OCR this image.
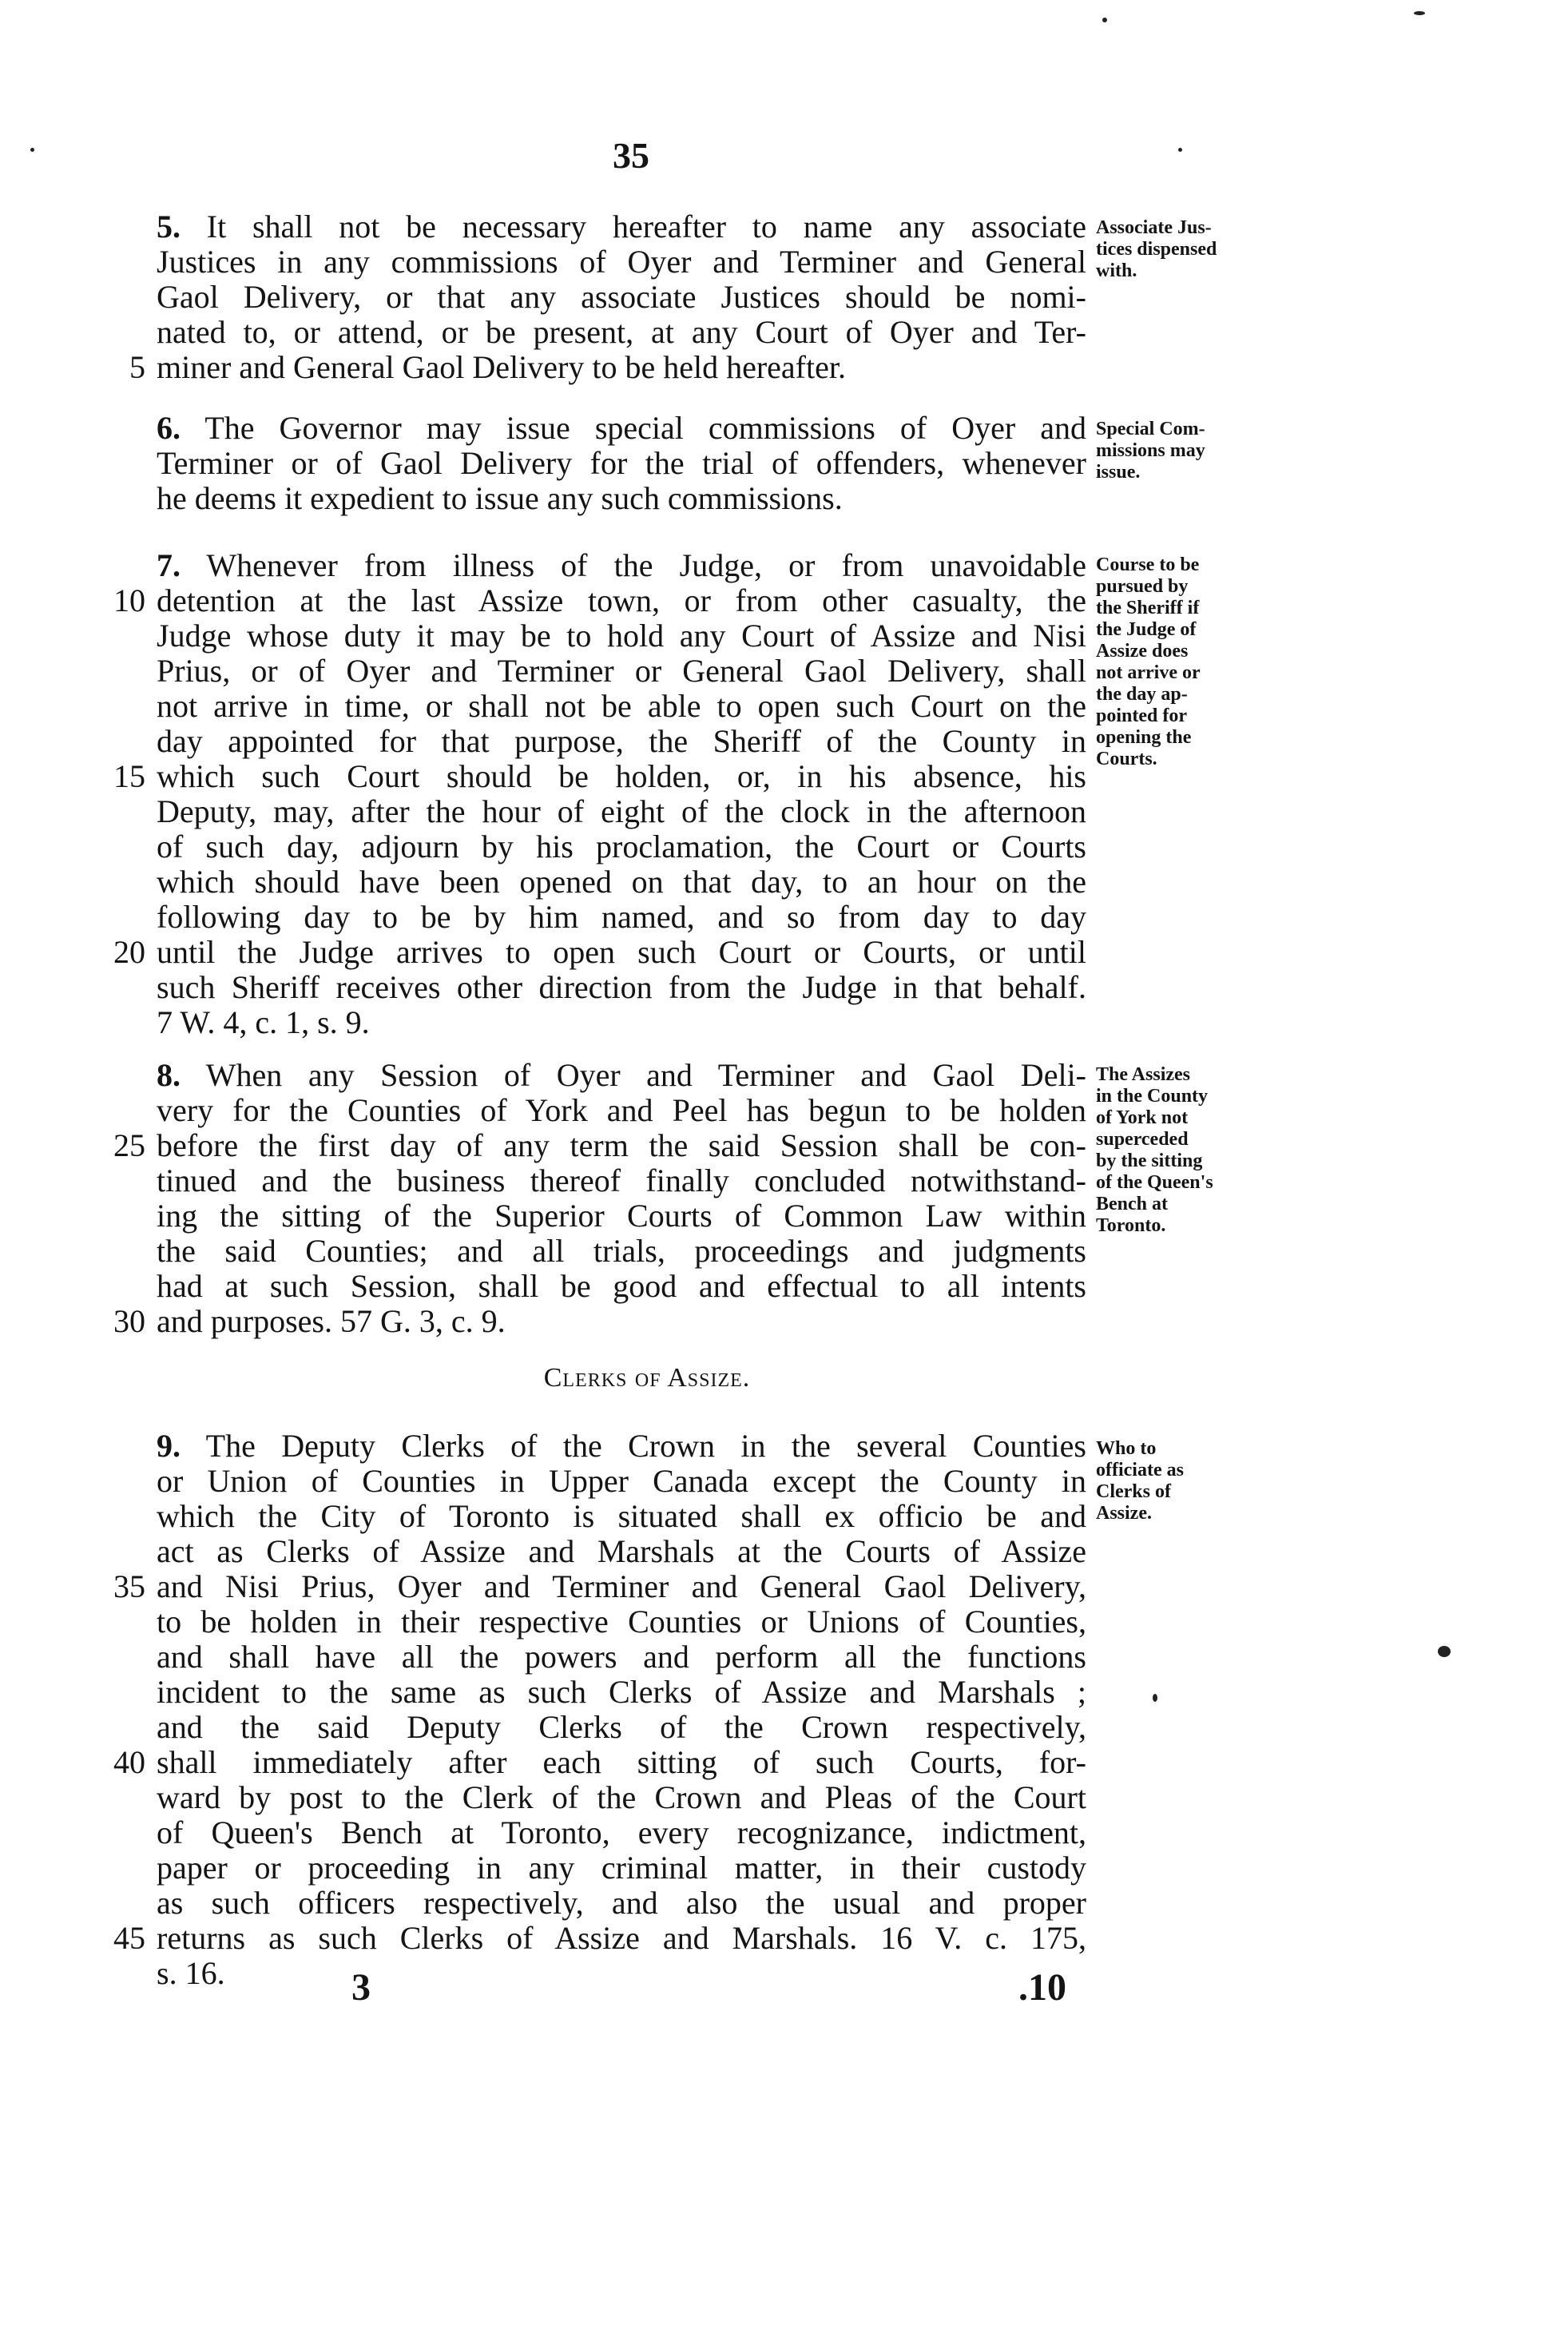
35
5. It shall not be necessary hereafter to name any associate
Justices in any commissions of Oyer and Terminer and General
Gaol Delivery, or that any associate Justices should be nomi-
nated to, or attend, or be present, at any Court of Oyer and Ter-
miner and General Gaol Delivery to be held hereafter.
5
Associate Jus-
tices dispensed
with.
6. The Governor may issue special commissions of Oyer and
Terminer or of Gaol Delivery for the trial of offenders, whenever
he deems it expedient to issue any such commissions.
Special Com-
missions may
issue.
7. Whenever from illness of the Judge, or from unavoidable
detention at the last Assize town, or from other casualty, the
10
Judge whose duty it may be to hold any Court of Assize and Nisi
Prius, or of Oyer and Terminer or General Gaol Delivery, shall
not arrive in time, or shall not be able to open such Court on the
day appointed for that purpose, the Sheriff of the County in
which such Court should be holden, or, in his absence, his
15
Deputy, may, after the hour of eight of the clock in the afternoon
of such day, adjourn by his proclamation, the Court or Courts
which should have been opened on that day, to an hour on the
following day to be by him named, and so from day to day
until the Judge arrives to open such Court or Courts, or until
20
such Sheriff receives other direction from the Judge in that behalf.
7 W. 4, c. 1, s. 9.
Course to be
pursued by
the Sheriff if
the Judge of
Assize does
not arrive or
the day ap-
pointed for
opening the
Courts.
8. When any Session of Oyer and Terminer and Gaol Deli-
very for the Counties of York and Peel has begun to be holden
before the first day of any term the said Session shall be con-
25
tinued and the business thereof finally concluded notwithstand-
ing the sitting of the Superior Courts of Common Law within
the said Counties; and all trials, proceedings and judgments
had at such Session, shall be good and effectual to all intents
and purposes. 57 G. 3, c. 9.
30
The Assizes
in the County
of York not
superceded
by the sitting
of the Queen's
Bench at
Toronto.
Clerks of Assize.
9. The Deputy Clerks of the Crown in the several Counties
or Union of Counties in Upper Canada except the County in
which the City of Toronto is situated shall ex officio be and
act as Clerks of Assize and Marshals at the Courts of Assize
and Nisi Prius, Oyer and Terminer and General Gaol Delivery,
35
to be holden in their respective Counties or Unions of Counties,
and shall have all the powers and perform all the functions
incident to the same as such Clerks of Assize and Marshals ;
and the said Deputy Clerks of the Crown respectively,
shall immediately after each sitting of such Courts, for-
40
ward by post to the Clerk of the Crown and Pleas of the Court
of Queen's Bench at Toronto, every recognizance, indictment,
paper or proceeding in any criminal matter, in their custody
as such officers respectively, and also the usual and proper
returns as such Clerks of Assize and Marshals. 16 V. c. 175,
45
s. 16.
Who to
officiate as
Clerks of
Assize.
3	.10
